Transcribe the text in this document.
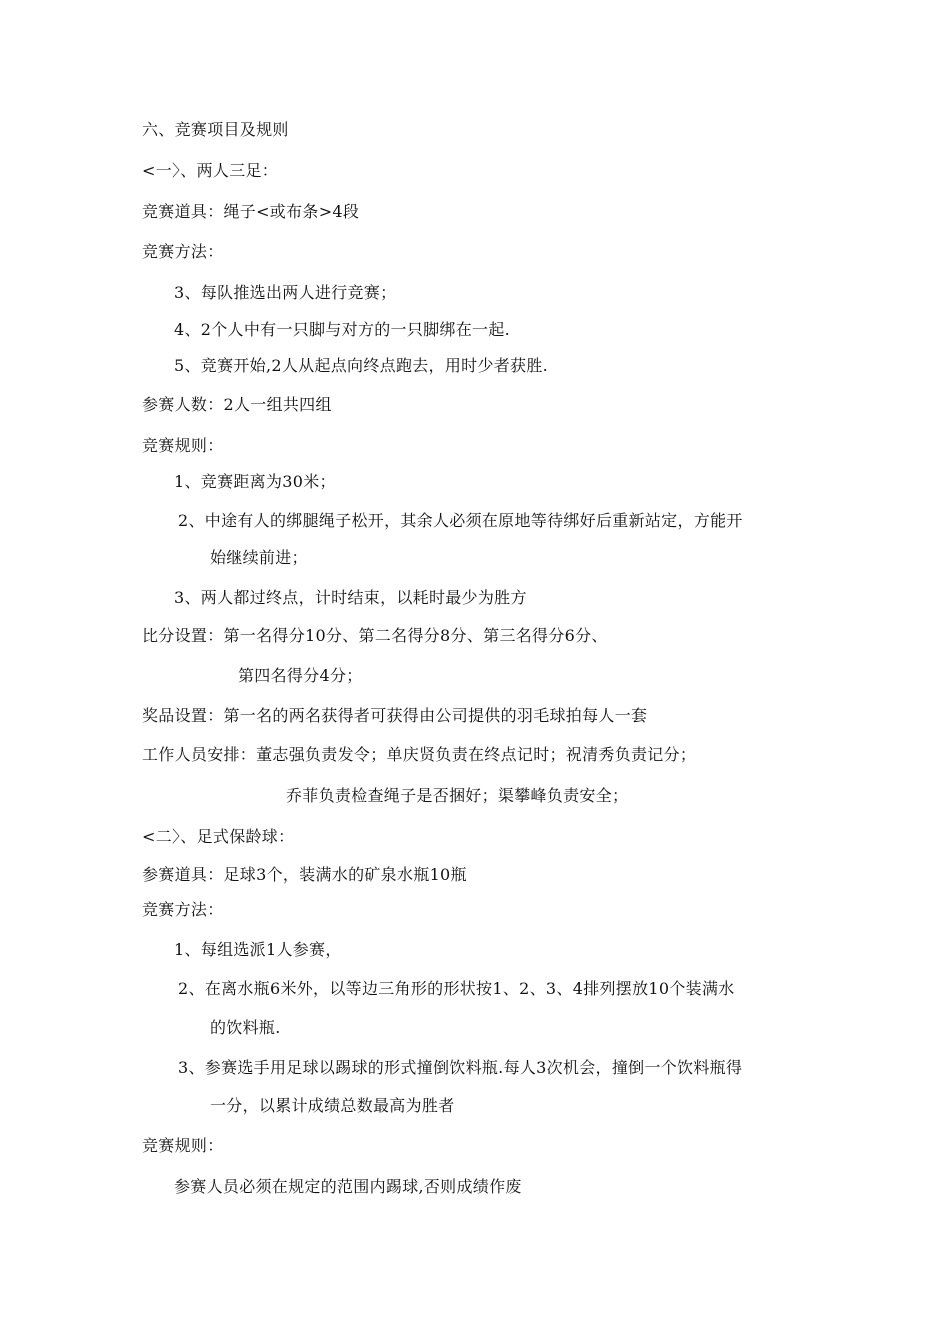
六、竞赛项目及规则
<一〉、两人三足：
竞赛道具：绳子<或布条>4段
竞赛方法：
3、每队推选出两人进行竞赛；
4、2个人中有一只脚与对方的一只脚绑在一起.
5、竞赛开始,2人从起点向终点跑去，用时少者获胜.
参赛人数：2人一组共四组
竞赛规则：
1、竞赛距离为30米；
2、中途有人的绑腿绳子松开，其余人必须在原地等待绑好后重新站定，方能开
始继续前进；
3、两人都过终点，计时结束，以耗时最少为胜方
比分设置：第一名得分10分、第二名得分8分、第三名得分6分、
第四名得分4分；
奖品设置：第一名的两名获得者可获得由公司提供的羽毛球拍每人一套
工作人员安排：董志强负责发令；单庆贤负责在终点记时；祝清秀负责记分；
乔菲负责检查绳子是否捆好；渠攀峰负责安全；
<二〉、足式保龄球：
参赛道具：足球3个，装满水的矿泉水瓶10瓶
竞赛方法：
1、每组选派1人参赛，
2、在离水瓶6米外，以等边三角形的形状按1、2、3、4排列摆放10个装满水
的饮料瓶.
3、参赛选手用足球以踢球的形式撞倒饮料瓶.每人3次机会，撞倒一个饮料瓶得
一分，以累计成绩总数最高为胜者
竞赛规则：
参赛人员必须在规定的范围内踢球,否则成绩作废
